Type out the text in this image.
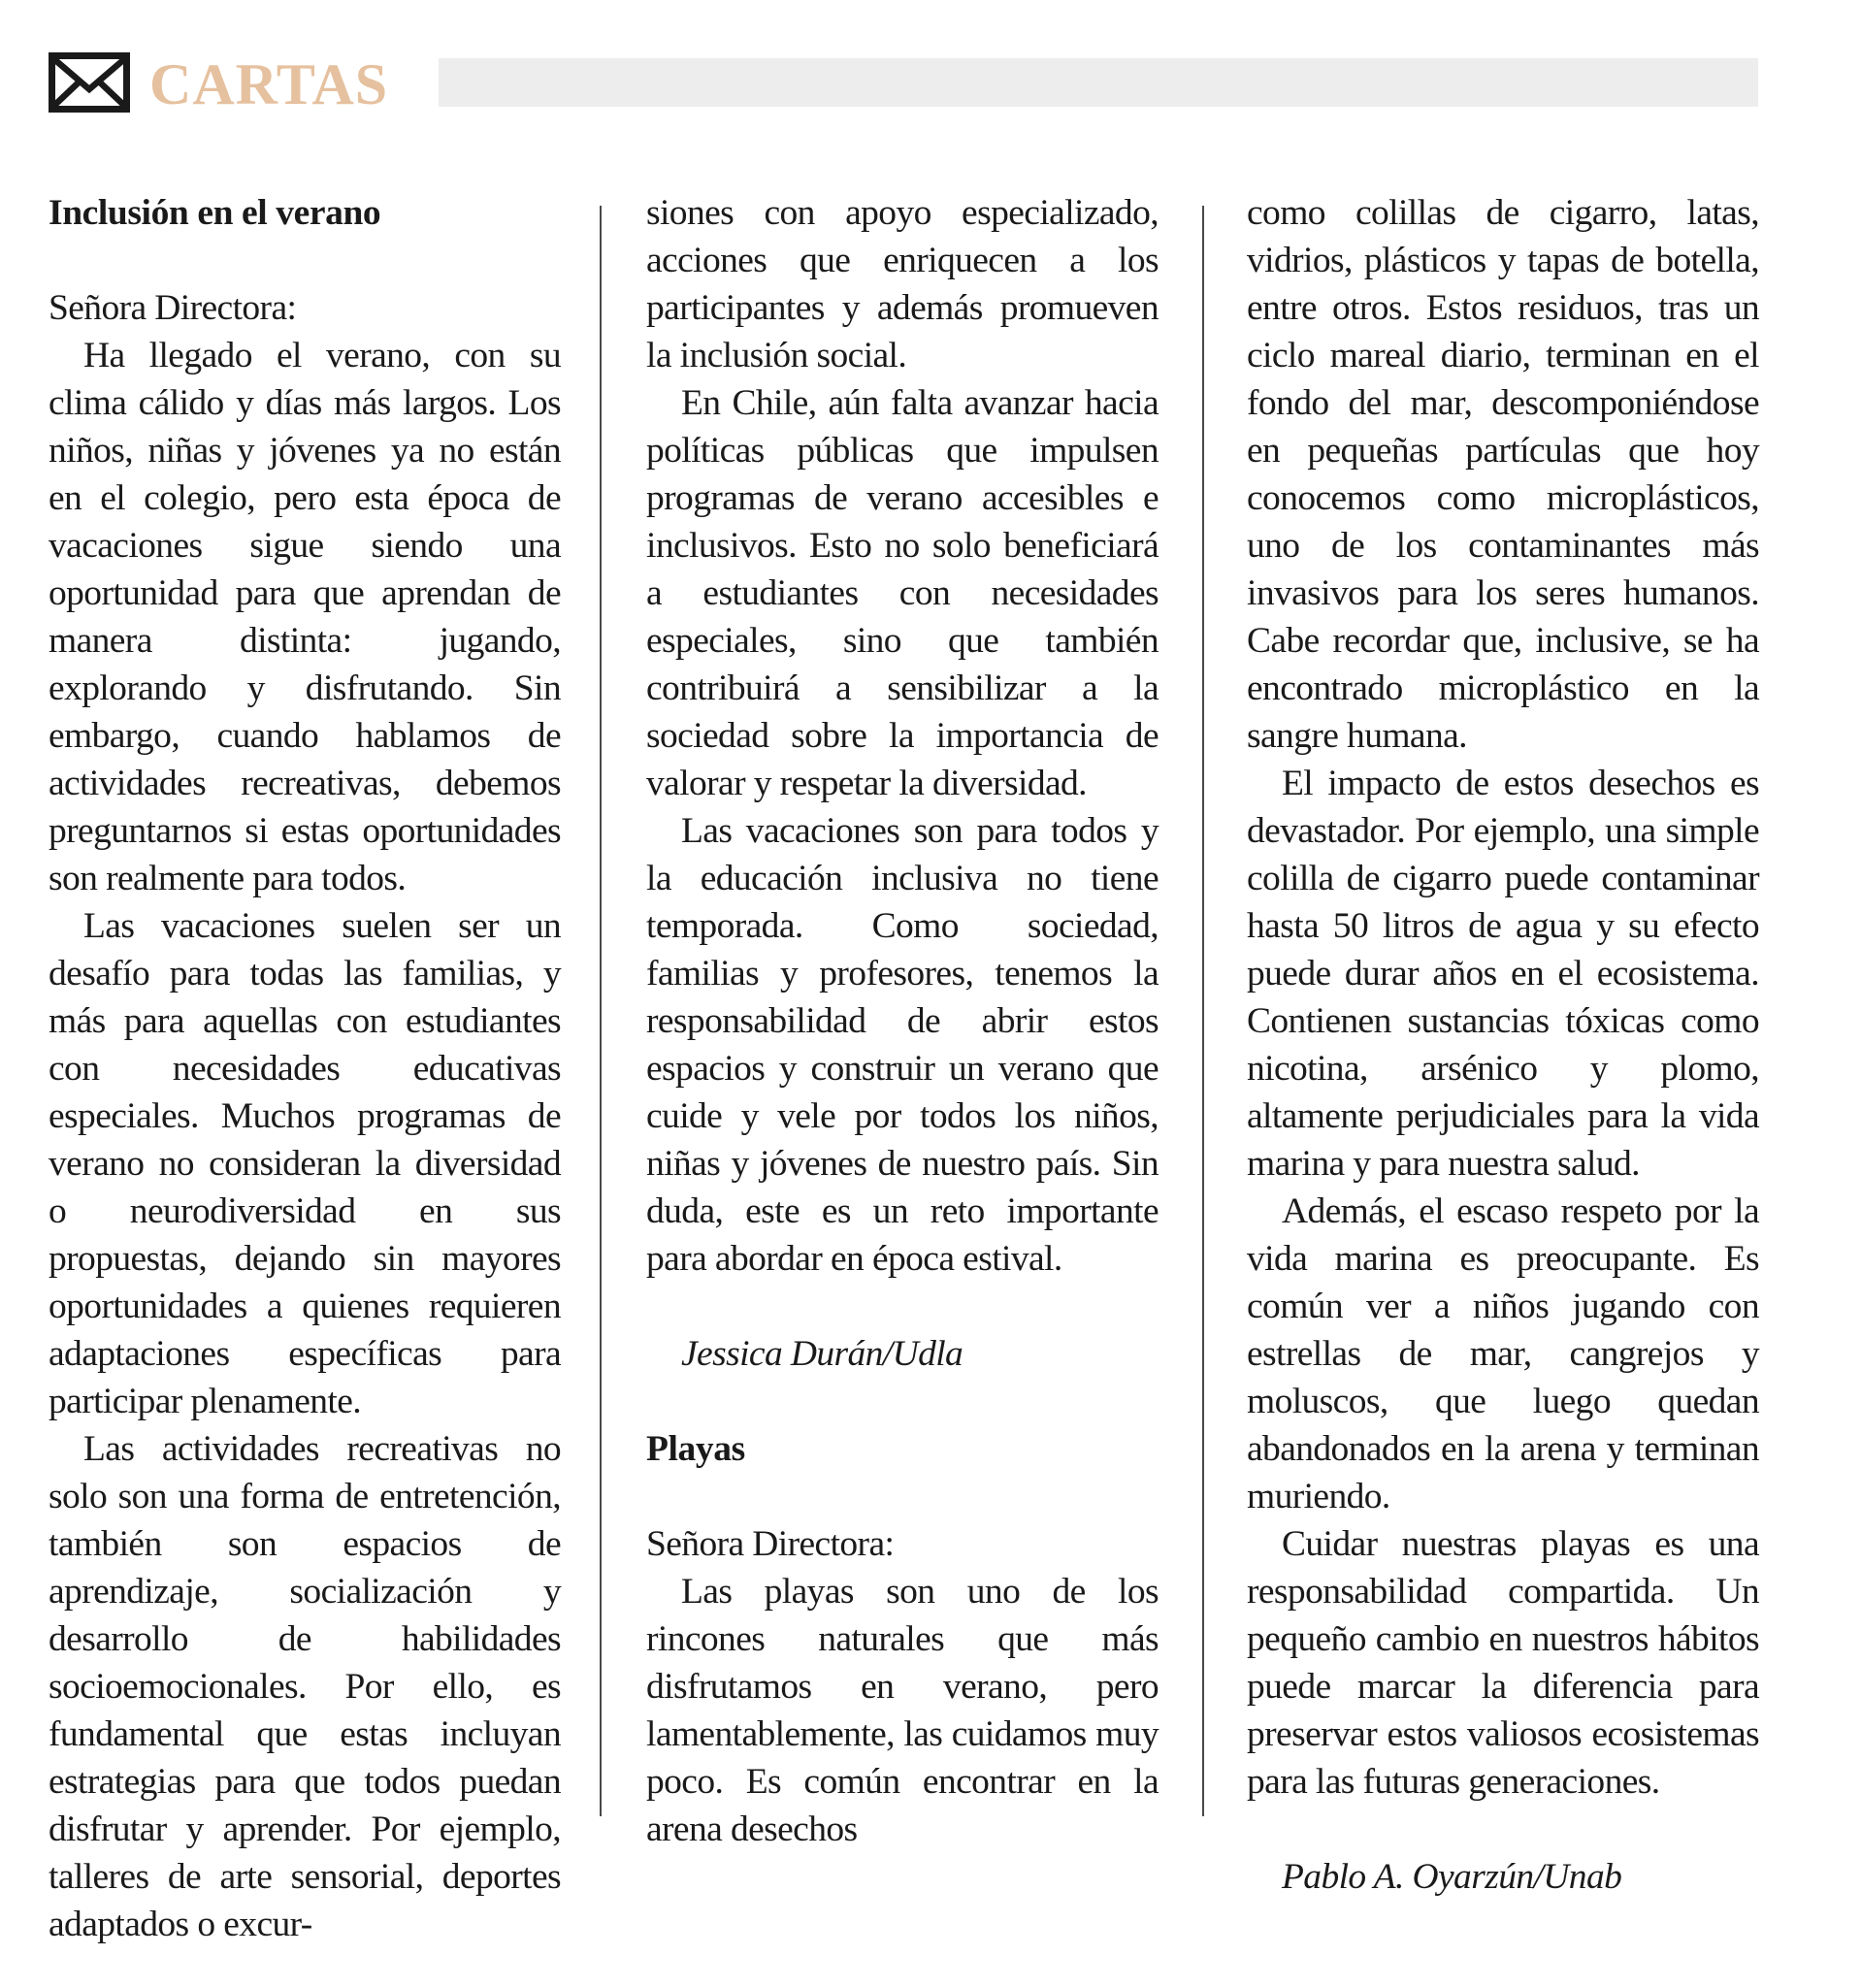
CARTAS
Inclusión en el verano

Señora Directora:

Ha llegado el verano, con su clima cálido y días más largos. Los niños, niñas y jóvenes ya no están en el colegio, pero esta época de vacaciones sigue siendo una oportunidad para que aprendan de manera distinta: jugando, explorando y disfrutando. Sin embargo, cuando hablamos de actividades recreativas, debemos preguntarnos si estas oportunidades son realmente para todos.

Las vacaciones suelen ser un desafío para todas las familias, y más para aquellas con estudiantes con necesidades educativas especiales. Muchos programas de verano no consideran la diversidad o neurodiversidad en sus propuestas, dejando sin mayores oportunidades a quienes requieren adaptaciones específicas para participar plenamente.

Las actividades recreativas no solo son una forma de entretención, también son espacios de aprendizaje, socialización y desarrollo de habilidades socioemocionales. Por ello, es fundamental que estas incluyan estrategias para que todos puedan disfrutar y aprender. Por ejemplo, talleres de arte sensorial, deportes adaptados o excur-

siones con apoyo especializado, acciones que enriquecen a los participantes y además promueven la inclusión social.

En Chile, aún falta avanzar hacia políticas públicas que impulsen programas de verano accesibles e inclusivos. Esto no solo beneficiará a estudiantes con necesidades especiales, sino que también contribuirá a sensibilizar a la sociedad sobre la importancia de valorar y respetar la diversidad.

Las vacaciones son para todos y la educación inclusiva no tiene temporada. Como sociedad, familias y profesores, tenemos la responsabilidad de abrir estos espacios y construir un verano que cuide y vele por todos los niños, niñas y jóvenes de nuestro país. Sin duda, este es un reto importante para abordar en época estival.

Jessica Durán/Udla

Playas

Señora Directora:

Las playas son uno de los rincones naturales que más disfrutamos en verano, pero lamentablemente, las cuidamos muy poco. Es común encontrar en la arena desechos

como colillas de cigarro, latas, vidrios, plásticos y tapas de botella, entre otros. Estos residuos, tras un ciclo mareal diario, terminan en el fondo del mar, descomponiéndose en pequeñas partículas que hoy conocemos como microplásticos, uno de los contaminantes más invasivos para los seres humanos. Cabe recordar que, inclusive, se ha encontrado microplástico en la sangre humana.

El impacto de estos desechos es devastador. Por ejemplo, una simple colilla de cigarro puede contaminar hasta 50 litros de agua y su efecto puede durar años en el ecosistema. Contienen sustancias tóxicas como nicotina, arsénico y plomo, altamente perjudiciales para la vida marina y para nuestra salud.

Además, el escaso respeto por la vida marina es preocupante. Es común ver a niños jugando con estrellas de mar, cangrejos y moluscos, que luego quedan abandonados en la arena y terminan muriendo.

Cuidar nuestras playas es una responsabilidad compartida. Un pequeño cambio en nuestros hábitos puede marcar la diferencia para preservar estos valiosos ecosistemas para las futuras generaciones.

Pablo A. Oyarzún/Unab
